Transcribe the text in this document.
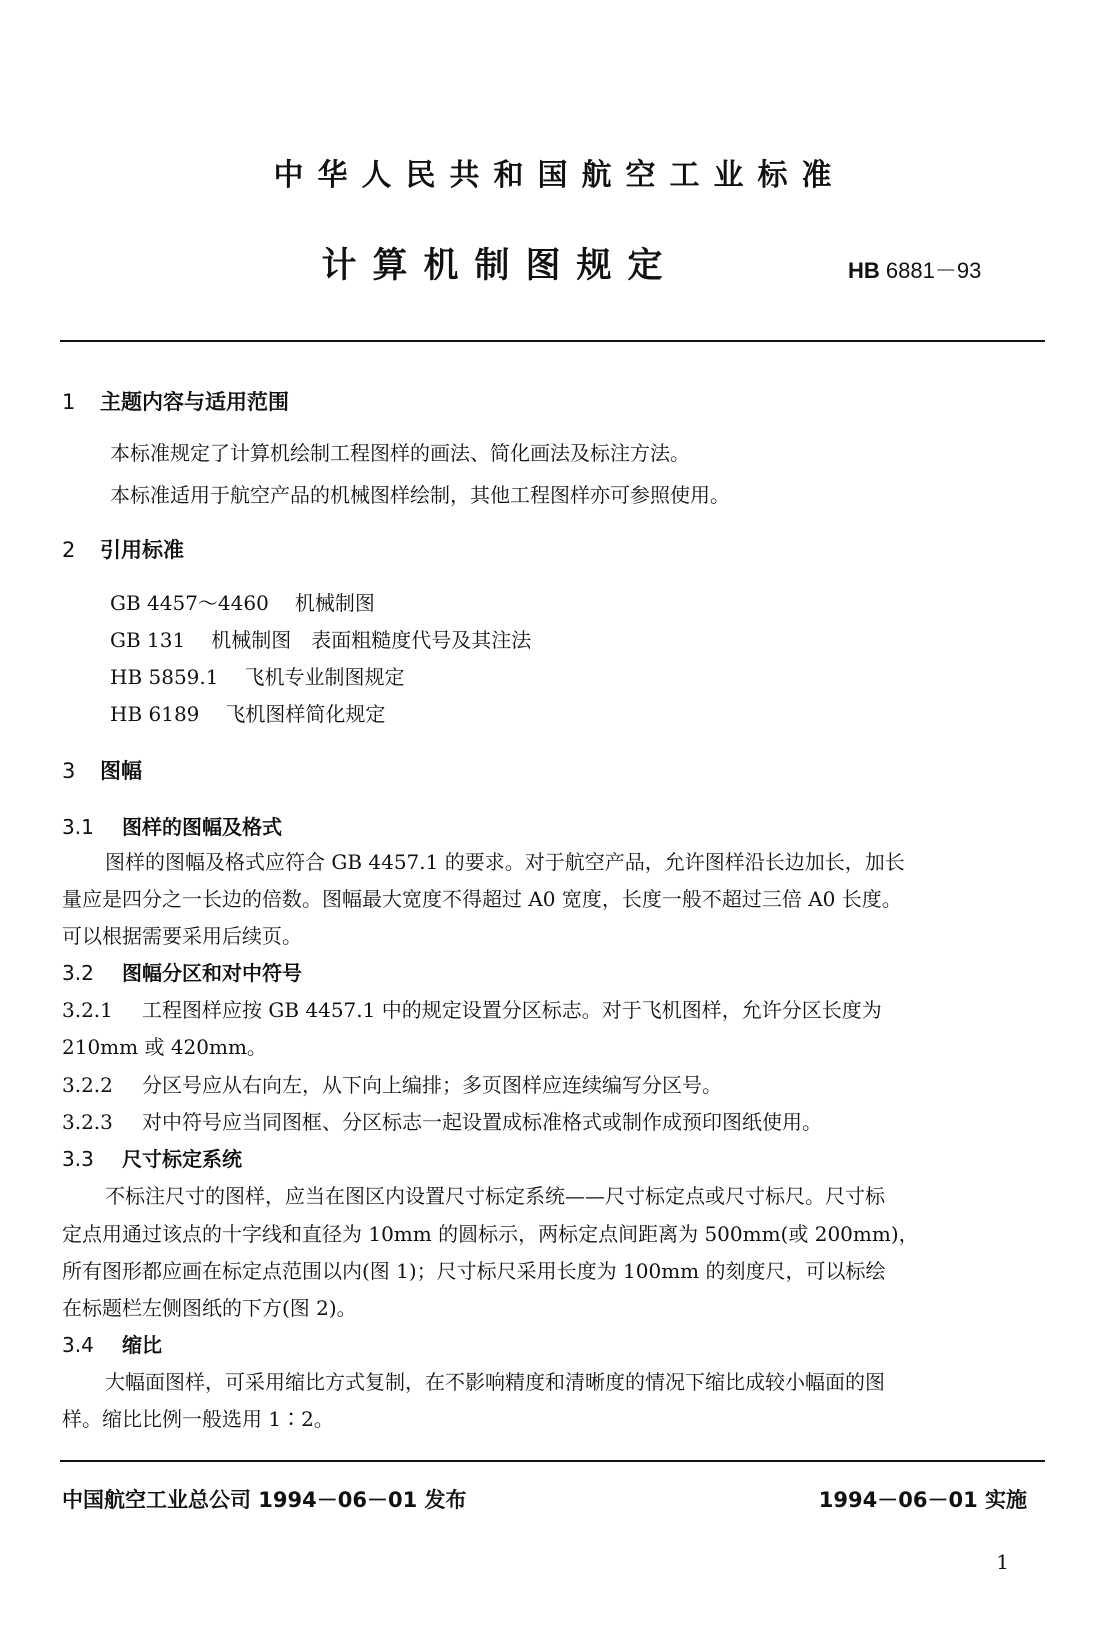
中华人民共和国航空工业标准
计算机制图规定	HB 6881－93
1 主题内容与适用范围
本标准规定了计算机绘制工程图样的画法、简化画法及标注方法。
本标准适用于航空产品的机械图样绘制，其他工程图样亦可参照使用。
2 引用标准
GB 4457～4460 机械制图
GB 131 机械制图　表面粗糙度代号及其注法
HB 5859.1 飞机专业制图规定
HB 6189 飞机图样简化规定
3 图幅
3.1 图样的图幅及格式
图样的图幅及格式应符合 GB 4457.1 的要求。对于航空产品，允许图样沿长边加长，加长
量应是四分之一长边的倍数。图幅最大宽度不得超过 A0 宽度，长度一般不超过三倍 A0 长度。
可以根据需要采用后续页。
3.2 图幅分区和对中符号
3.2.1 工程图样应按 GB 4457.1 中的规定设置分区标志。对于飞机图样，允许分区长度为
210mm 或 420mm。
3.2.2 分区号应从右向左，从下向上编排；多页图样应连续编写分区号。
3.2.3 对中符号应当同图框、分区标志一起设置成标准格式或制作成预印图纸使用。
3.3 尺寸标定系统
不标注尺寸的图样，应当在图区内设置尺寸标定系统——尺寸标定点或尺寸标尺。尺寸标
定点用通过该点的十字线和直径为 10mm 的圆标示，两标定点间距离为 500mm(或 200mm)，
所有图形都应画在标定点范围以内(图 1)；尺寸标尺采用长度为 100mm 的刻度尺，可以标绘
在标题栏左侧图纸的下方(图 2)。
3.4 缩比
大幅面图样，可采用缩比方式复制，在不影响精度和清晰度的情况下缩比成较小幅面的图
样。缩比比例一般选用 1∶2。
中国航空工业总公司 1994－06－01 发布	1994－06－01 实施
1
